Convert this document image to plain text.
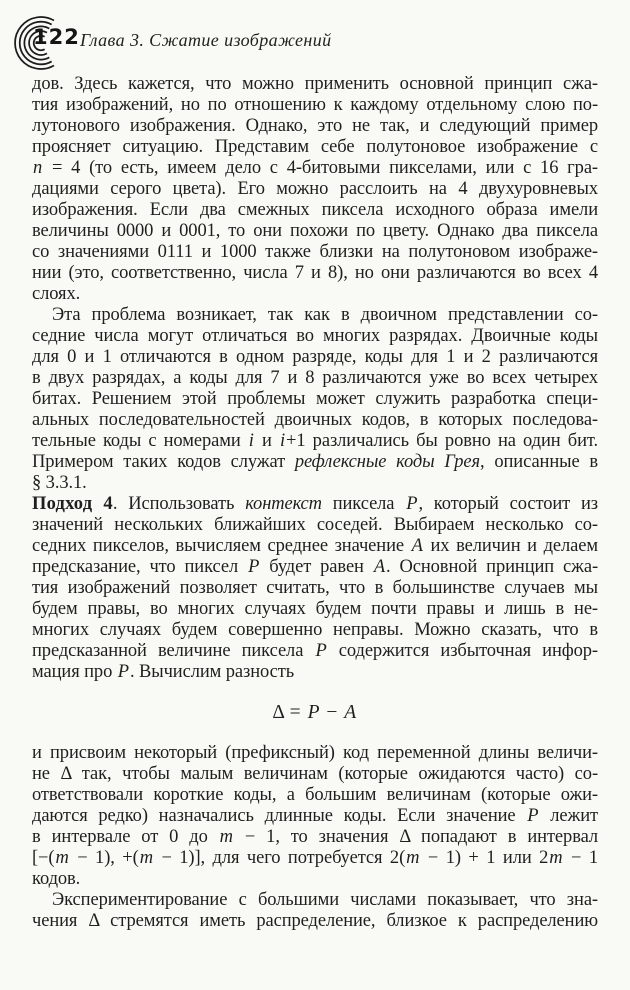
122 Глава 3. Сжатие изображений
дов. Здесь кажется, что можно применить основной принцип сжа-
тия изображений, но по отношению к каждому отдельному слою по-
лутонового изображения. Однако, это не так, и следующий пример
проясняет ситуацию. Представим себе полутоновое изображение с
n = 4 (то есть, имеем дело с 4-битовыми пикселами, или с 16 гра-
дациями серого цвета). Его можно расслоить на 4 двухуровневых
изображения. Если два смежных пиксела исходного образа имели
величины 0000 и 0001, то они похожи по цвету. Однако два пиксела
со значениями 0111 и 1000 также близки на полутоновом изображе-
нии (это, соответственно, числа 7 и 8), но они различаются во всех 4
слоях.
Эта проблема возникает, так как в двоичном представлении со-
седние числа могут отличаться во многих разрядах. Двоичные коды
для 0 и 1 отличаются в одном разряде, коды для 1 и 2 различаются
в двух разрядах, а коды для 7 и 8 различаются уже во всех четырех
битах. Решением этой проблемы может служить разработка специ-
альных последовательностей двоичных кодов, в которых последова-
тельные коды с номерами i и i+1 различались бы ровно на один бит.
Примером таких кодов служат рефлексные коды Грея, описанные в
§ 3.3.1.
Подход 4. Использовать контекст пиксела P, который состоит из
значений нескольких ближайших соседей. Выбираем несколько со-
седних пикселов, вычисляем среднее значение A их величин и делаем
предсказание, что пиксел P будет равен A. Основной принцип сжа-
тия изображений позволяет считать, что в большинстве случаев мы
будем правы, во многих случаях будем почти правы и лишь в не-
многих случаях будем совершенно неправы. Можно сказать, что в
предсказанной величине пиксела P содержится избыточная инфор-
мация про P. Вычислим разность
Δ = P − A
и присвоим некоторый (префиксный) код переменной длины величи-
не Δ так, чтобы малым величинам (которые ожидаются часто) со-
ответствовали короткие коды, а большим величинам (которые ожи-
даются редко) назначались длинные коды. Если значение P лежит
в интервале от 0 до m − 1, то значения Δ попадают в интервал
[−(m − 1), +(m − 1)], для чего потребуется 2(m − 1) + 1 или 2m − 1
кодов.
Экспериментирование с большими числами показывает, что зна-
чения Δ стремятся иметь распределение, близкое к распределению
